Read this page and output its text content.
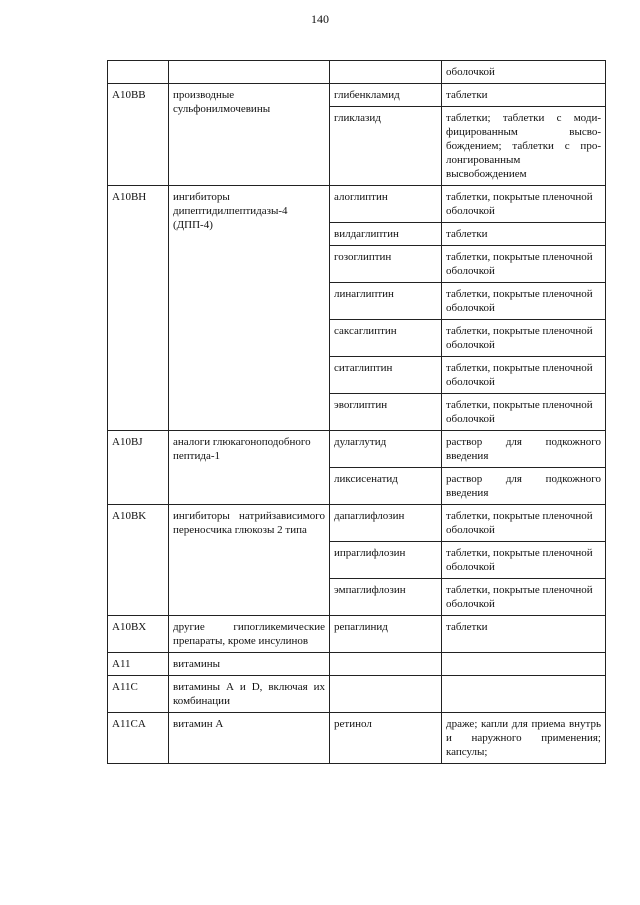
140
			оболочкой
A10BB	производные сульфонилмочевины	глибенкламид	таблетки
		гликлазид	таблетки; таблетки с моди-фицированным высво-бождением; таблетки с про-лонгированным высвобождением
A10BH	ингибиторы дипептидилпептидазы-4 (ДПП-4)	алоглиптин	таблетки, покрытые пленочной оболочкой
		вилдаглиптин	таблетки
		гозоглиптин	таблетки, покрытые пленочной оболочкой
		линаглиптин	таблетки, покрытые пленочной оболочкой
		саксаглиптин	таблетки, покрытые пленочной оболочкой
		ситаглиптин	таблетки, покрытые пленочной оболочкой
		эвоглиптин	таблетки, покрытые пленочной оболочкой
A10BJ	аналоги глюкагоноподобного пептида-1	дулаглутид	раствор для подкожного введения
		ликсисенатид	раствор для подкожного введения
A10BK	ингибиторы натрийзависимого переносчика глюкозы 2 типа	дапаглифлозин	таблетки, покрытые пленочной оболочкой
		ипраглифлозин	таблетки, покрытые пленочной оболочкой
		эмпаглифлозин	таблетки, покрытые пленочной оболочкой
A10BX	другие гипогликемические препараты, кроме инсулинов	репаглинид	таблетки
A11	витамины		
A11C	витамины А и D, включая их комбинации		
A11CA	витамин А	ретинол	драже; капли для приема внутрь и наружного применения; капсулы;
